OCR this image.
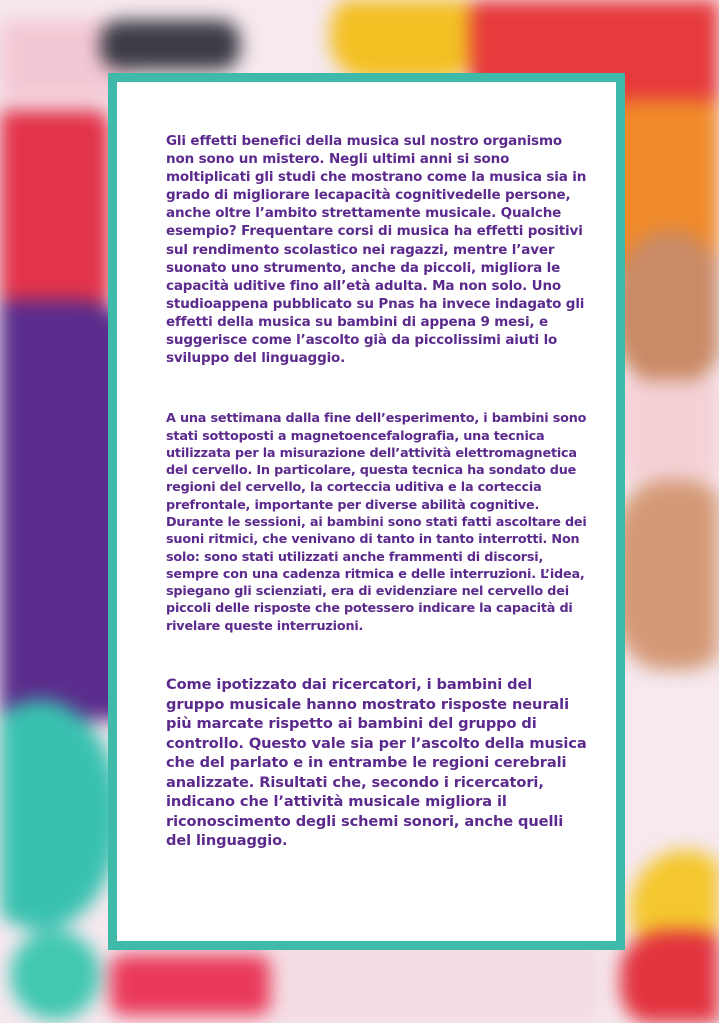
Gli effetti benefici della musica sul nostro organismo non sono un mistero. Negli ultimi anni si sono moltiplicati gli studi che mostrano come la musica sia in grado di migliorare lecapacità cognitivedelle persone, anche oltre l’ambito strettamente musicale. Qualche esempio? Frequentare corsi di musica ha effetti positivi sul rendimento scolastico nei ragazzi, mentre l’aver suonato uno strumento, anche da piccoli, migliora le capacità uditive fino all’età adulta. Ma non solo. Uno studioappena pubblicato su Pnas ha invece indagato gli effetti della musica su bambini di appena 9 mesi, e suggerisce come l’ascolto già da piccolissimi aiuti lo sviluppo del linguaggio.

A una settimana dalla fine dell’esperimento, i bambini sono stati sottoposti a magnetoencefalografia, una tecnica utilizzata per la misurazione dell’attività elettromagnetica del cervello. In particolare, questa tecnica ha sondato due regioni del cervello, la corteccia uditiva e la corteccia prefrontale, importante per diverse abilità cognitive. Durante le sessioni, ai bambini sono stati fatti ascoltare dei suoni ritmici, che venivano di tanto in tanto interrotti. Non solo: sono stati utilizzati anche frammenti di discorsi, sempre con una cadenza ritmica e delle interruzioni. L’idea, spiegano gli scienziati, era di evidenziare nel cervello dei piccoli delle risposte che potessero indicare la capacità di rivelare queste interruzioni.

Come ipotizzato dai ricercatori, i bambini del gruppo musicale hanno mostrato risposte neurali più marcate rispetto ai bambini del gruppo di controllo. Questo vale sia per l’ascolto della musica che del parlato e in entrambe le regioni cerebrali analizzate. Risultati che, secondo i ricercatori, indicano che l’attività musicale migliora il riconoscimento degli schemi sonori, anche quelli del linguaggio.
